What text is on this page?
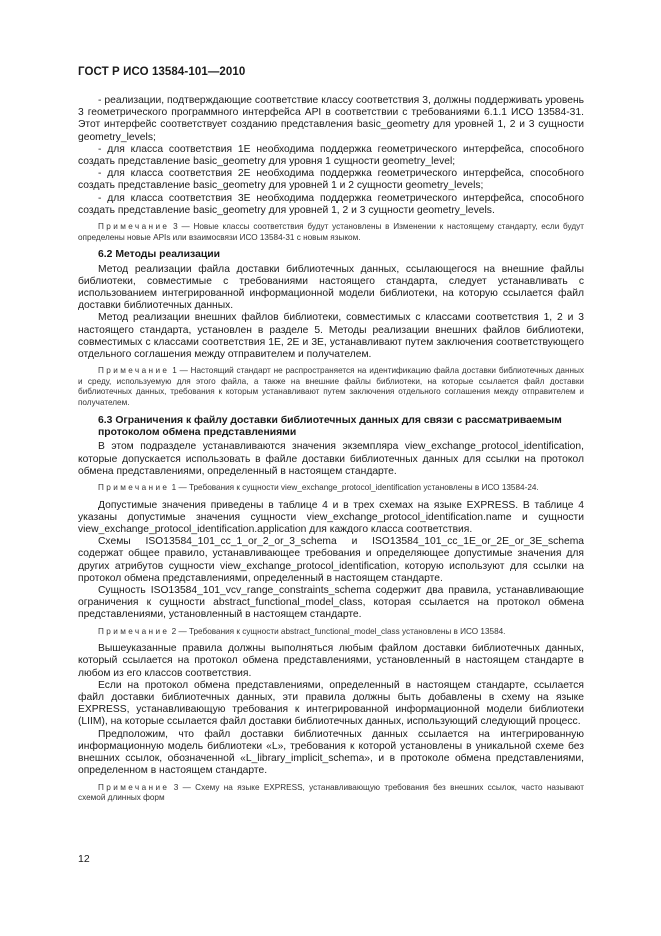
ГОСТ Р ИСО 13584-101—2010

- реализации, подтверждающие соответствие классу соответствия 3, должны поддерживать уровень 3 геометрического программного интерфейса API в соответствии с требованиями 6.1.1 ИСО 13584-31. Этот интерфейс соответствует созданию представления basic_geometry для уровней 1, 2 и 3 сущности geometry_levels;

- для класса соответствия 1E необходима поддержка геометрического интерфейса, способного создать представление basic_geometry для уровня 1 сущности geometry_level;

- для класса соответствия 2E необходима поддержка геометрического интерфейса, способного создать представление basic_geometry для уровней 1 и 2 сущности geometry_levels;

- для класса соответствия 3E необходима поддержка геометрического интерфейса, способного создать представление basic_geometry для уровней 1, 2 и 3 сущности geometry_levels.

Примечание 3 — Новые классы соответствия будут установлены в Изменении к настоящему стандарту, если будут определены новые APIs или взаимосвязи ИСО 13584-31 с новым языком.

6.2 Методы реализации

Метод реализации файла доставки библиотечных данных, ссылающегося на внешние файлы библиотеки, совместимые с требованиями настоящего стандарта, следует устанавливать с использованием интегрированной информационной модели библиотеки, на которую ссылается файл доставки библиотечных данных.

Метод реализации внешних файлов библиотеки, совместимых с классами соответствия 1, 2 и 3 настоящего стандарта, установлен в разделе 5. Методы реализации внешних файлов библиотеки, совместимых с классами соответствия 1E, 2E и 3E, устанавливают путем заключения соответствующего отдельного соглашения между отправителем и получателем.

Примечание 1 — Настоящий стандарт не распространяется на идентификацию файла доставки библиотечных данных и среду, используемую для этого файла, а также на внешние файлы библиотеки, на которые ссылается файл доставки библиотечных данных, требования к которым устанавливают путем заключения отдельного соглашения между отправителем и получателем.

6.3 Ограничения к файлу доставки библиотечных данных для связи с рассматриваемым протоколом обмена представлениями

В этом подразделе устанавливаются значения экземпляра view_exchange_protocol_identification, которые допускается использовать в файле доставки библиотечных данных для ссылки на протокол обмена представлениями, определенный в настоящем стандарте.

Примечание 1 — Требования к сущности view_exchange_protocol_identification установлены в ИСО 13584-24.

Допустимые значения приведены в таблице 4 и в трех схемах на языке EXPRESS. В таблице 4 указаны допустимые значения сущности view_exchange_protocol_identification.name и сущности view_exchange_protocol_identification.application для каждого класса соответствия.

Схемы ISO13584_101_cc_1_or_2_or_3_schema и ISO13584_101_cc_1E_or_2E_or_3E_schema содержат общее правило, устанавливающее требования и определяющее допустимые значения для других атрибутов сущности view_exchange_protocol_identification, которую используют для ссылки на протокол обмена представлениями, определенный в настоящем стандарте.

Сущность ISO13584_101_vcv_range_constraints_schema содержит два правила, устанавливающие ограничения к сущности abstract_functional_model_class, которая ссылается на протокол обмена представлениями, установленный в настоящем стандарте.

Примечание 2 — Требования к сущности abstract_functional_model_class установлены в ИСО 13584.

Вышеуказанные правила должны выполняться любым файлом доставки библиотечных данных, который ссылается на протокол обмена представлениями, установленный в настоящем стандарте в любом из его классов соответствия.

Если на протокол обмена представлениями, определенный в настоящем стандарте, ссылается файл доставки библиотечных данных, эти правила должны быть добавлены в схему на языке EXPRESS, устанавливающую требования к интегрированной информационной модели библиотеки (LIIM), на которые ссылается файл доставки библиотечных данных, использующий следующий процесс.

Предположим, что файл доставки библиотечных данных ссылается на интегрированную информационную модель библиотеки «L», требования к которой установлены в уникальной схеме без внешних ссылок, обозначенной «L_library_implicit_schema», и в протоколе обмена представлениями, определенном в настоящем стандарте.

Примечание 3 — Схему на языке EXPRESS, устанавливающую требования без внешних ссылок, часто называют схемой длинных форм

12
